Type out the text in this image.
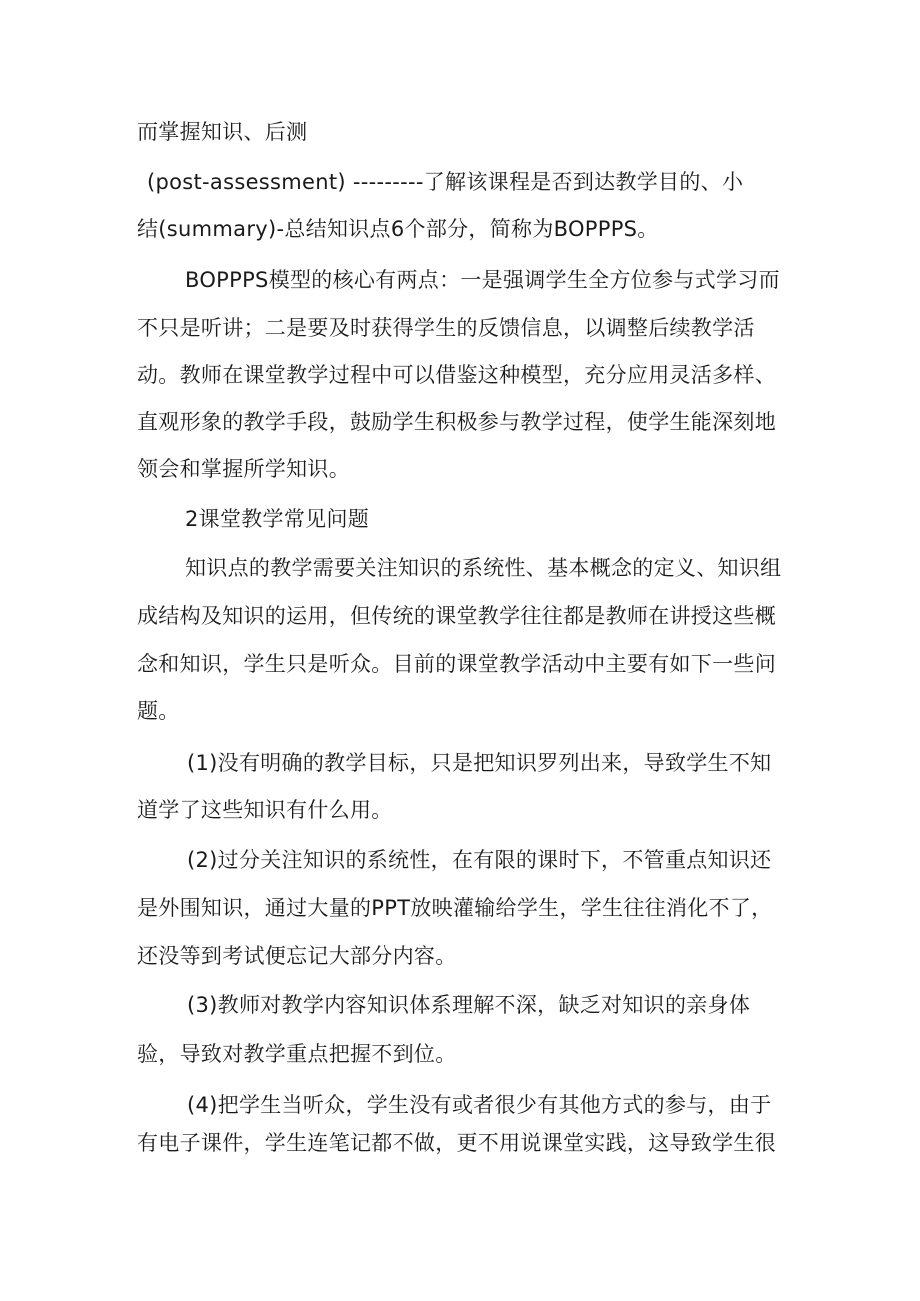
而掌握知识、后测
(post-assessment) ---------了解该课程是否到达教学目的、小
结(summary)-总结知识点6个部分，简称为BOPPPS。
BOPPPS模型的核心有两点：一是强调学生全方位参与式学习而
不只是听讲；二是要及时获得学生的反馈信息，以调整后续教学活
动。教师在课堂教学过程中可以借鉴这种模型，充分应用灵活多样、
直观形象的教学手段，鼓励学生积极参与教学过程，使学生能深刻地
领会和掌握所学知识。
2课堂教学常见问题
知识点的教学需要关注知识的系统性、基本概念的定义、知识组
成结构及知识的运用，但传统的课堂教学往往都是教师在讲授这些概
念和知识，学生只是听众。目前的课堂教学活动中主要有如下一些问
题。
(1)没有明确的教学目标，只是把知识罗列出来，导致学生不知
道学了这些知识有什么用。
(2)过分关注知识的系统性，在有限的课时下，不管重点知识还
是外围知识，通过大量的PPT放映灌输给学生，学生往往消化不了，
还没等到考试便忘记大部分内容。
(3)教师对教学内容知识体系理解不深，缺乏对知识的亲身体
验，导致对教学重点把握不到位。
(4)把学生当听众，学生没有或者很少有其他方式的参与，由于
有电子课件，学生连笔记都不做，更不用说课堂实践，这导致学生很
